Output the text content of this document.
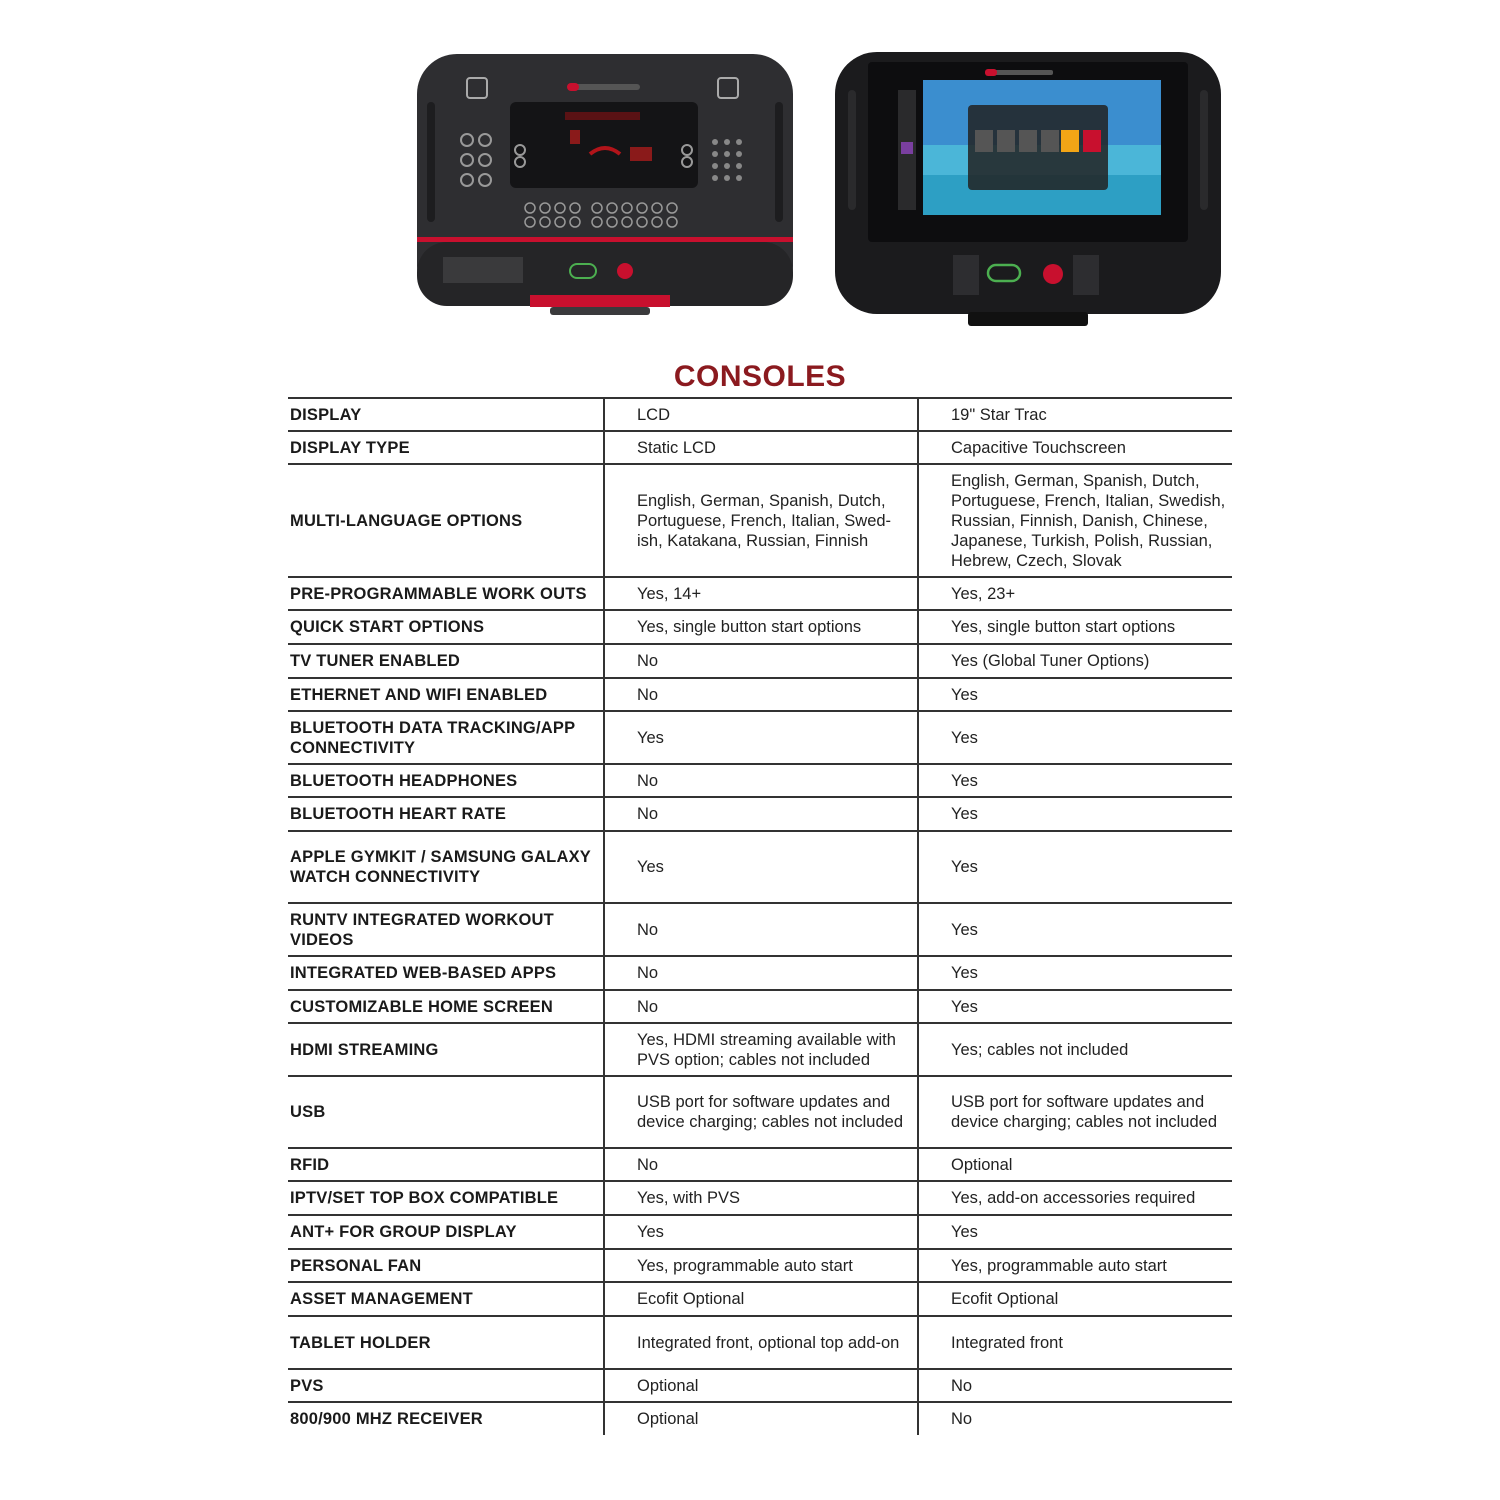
CONSOLES
DISPLAY	LCD	19" Star Trac
DISPLAY TYPE	Static LCD	Capacitive Touchscreen
MULTI-LANGUAGE OPTIONS	English, German, Spanish, Dutch, Portuguese, French, Italian, Swed-ish, Katakana, Russian, Finnish	English, German, Spanish, Dutch, Portuguese, French, Italian, Swedish, Russian, Finnish, Danish, Chinese, Japanese, Turkish, Polish, Russian, Hebrew, Czech, Slovak
PRE-PROGRAMMABLE WORK OUTS	Yes, 14+	Yes, 23+
QUICK START OPTIONS	Yes, single button start options	Yes, single button start options
TV TUNER ENABLED	No	Yes (Global Tuner Options)
ETHERNET AND WIFI ENABLED	No	Yes
BLUETOOTH DATA TRACKING/APP CONNECTIVITY	Yes	Yes
BLUETOOTH HEADPHONES	No	Yes
BLUETOOTH HEART RATE	No	Yes
APPLE GYMKIT / SAMSUNG GALAXY WATCH CONNECTIVITY	Yes	Yes
RUNTV INTEGRATED WORKOUT VIDEOS	No	Yes
INTEGRATED WEB-BASED APPS	No	Yes
CUSTOMIZABLE HOME SCREEN	No	Yes
HDMI STREAMING	Yes, HDMI streaming available with PVS option; cables not included	Yes; cables not included
USB	USB port for software updates and device charging; cables not included	USB port for software updates and device charging; cables not included
RFID	No	Optional
IPTV/SET TOP BOX COMPATIBLE	Yes, with PVS	Yes, add-on accessories required
ANT+ FOR GROUP DISPLAY	Yes	Yes
PERSONAL FAN	Yes, programmable auto start	Yes, programmable auto start
ASSET MANAGEMENT	Ecofit Optional	Ecofit Optional
TABLET HOLDER	Integrated front, optional top add-on	Integrated front
PVS	Optional	No
800/900 MHZ RECEIVER	Optional	No
